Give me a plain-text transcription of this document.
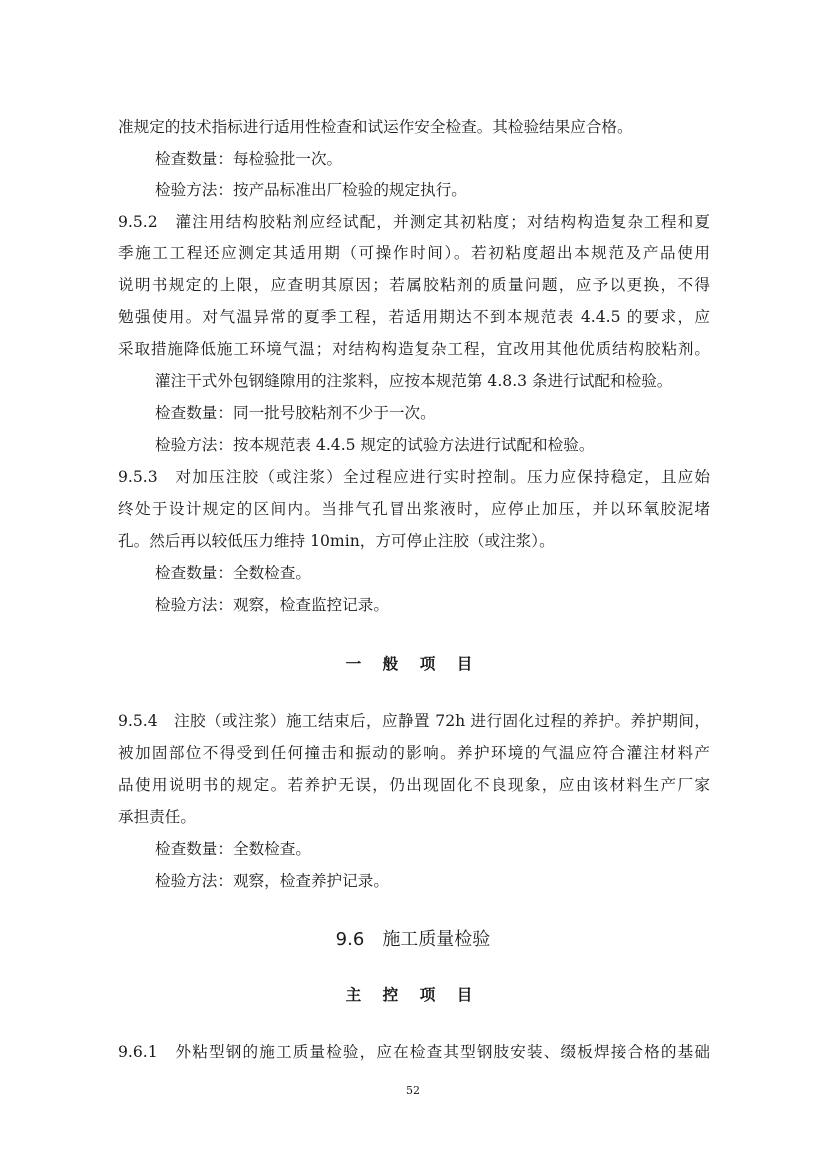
准规定的技术指标进行适用性检查和试运作安全检查。其检验结果应合格。
检查数量：每检验批一次。
检验方法：按产品标准出厂检验的规定执行。
9.5.2　灌注用结构胶粘剂应经试配，并测定其初粘度；对结构构造复杂工程和夏
季施工工程还应测定其适用期（可操作时间）。若初粘度超出本规范及产品使用
说明书规定的上限，应查明其原因；若属胶粘剂的质量问题，应予以更换，不得
勉强使用。对气温异常的夏季工程，若适用期达不到本规范表 4.4.5 的要求，应
采取措施降低施工环境气温；对结构构造复杂工程，宜改用其他优质结构胶粘剂。
灌注干式外包钢缝隙用的注浆料，应按本规范第 4.8.3 条进行试配和检验。
检查数量：同一批号胶粘剂不少于一次。
检验方法：按本规范表 4.4.5 规定的试验方法进行试配和检验。
9.5.3　对加压注胶（或注浆）全过程应进行实时控制。压力应保持稳定，且应始
终处于设计规定的区间内。当排气孔冒出浆液时，应停止加压，并以环氧胶泥堵
孔。然后再以较低压力维持 10min，方可停止注胶（或注浆）。
检查数量：全数检查。
检验方法：观察，检查监控记录。
一 般 项 目
9.5.4　注胶（或注浆）施工结束后，应静置 72h 进行固化过程的养护。养护期间，
被加固部位不得受到任何撞击和振动的影响。养护环境的气温应符合灌注材料产
品使用说明书的规定。若养护无误，仍出现固化不良现象，应由该材料生产厂家
承担责任。
检查数量：全数检查。
检验方法：观察，检查养护记录。
9.6 施工质量检验
主 控 项 目
9.6.1　外粘型钢的施工质量检验，应在检查其型钢肢安装、缀板焊接合格的基础
52
